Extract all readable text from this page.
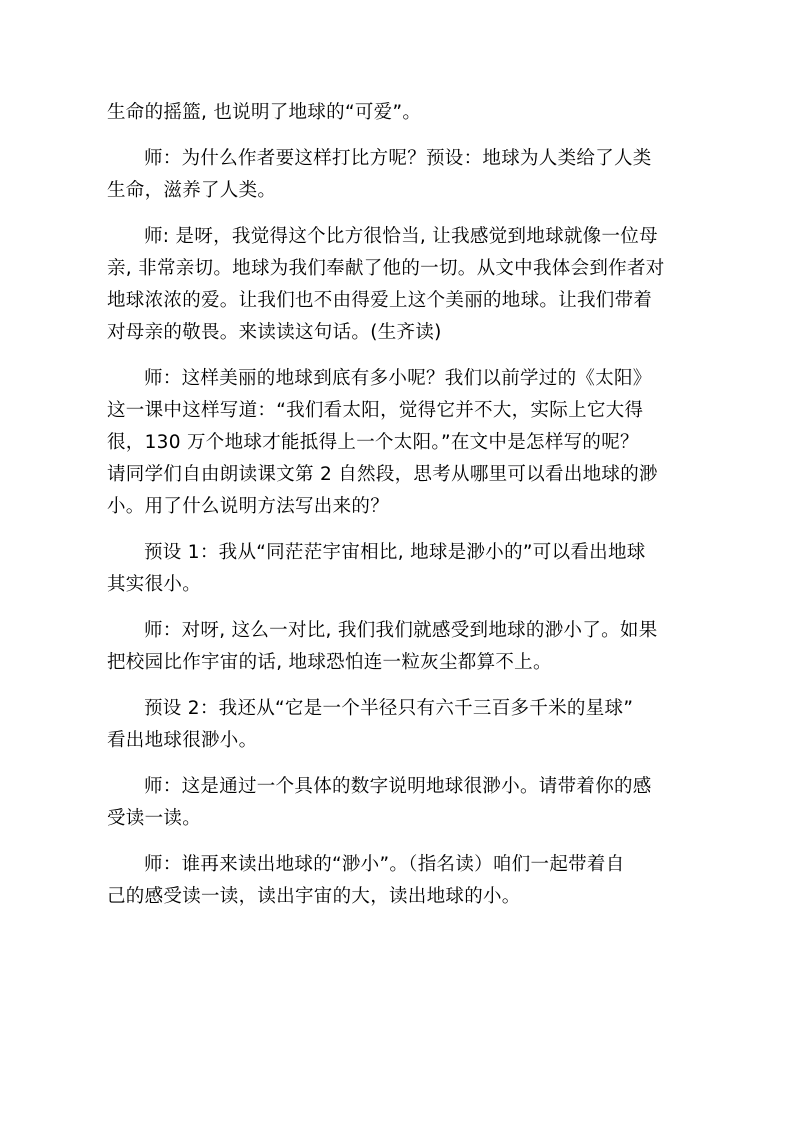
生命的摇篮, 也说明了地球的“可爱”。
师：为什么作者要这样打比方呢？预设：地球为人类给了人类
生命，滋养了人类。
师: 是呀，我觉得这个比方很恰当, 让我感觉到地球就像一位母
亲, 非常亲切。地球为我们奉献了他的一切。从文中我体会到作者对
地球浓浓的爱。让我们也不由得爱上这个美丽的地球。让我们带着
对母亲的敬畏。来读读这句话。(生齐读)
师：这样美丽的地球到底有多小呢？我们以前学过的《太阳》
这一课中这样写道：“我们看太阳，觉得它并不大，实际上它大得
很，130 万个地球才能抵得上一个太阳。”在文中是怎样写的呢？
请同学们自由朗读课文第 2 自然段，思考从哪里可以看出地球的渺
小。用了什么说明方法写出来的？
预设 1：我从“同茫茫宇宙相比, 地球是渺小的”可以看出地球
其实很小。
师：对呀, 这么一对比, 我们我们就感受到地球的渺小了。如果
把校园比作宇宙的话, 地球恐怕连一粒灰尘都算不上。
预设 2：我还从“它是一个半径只有六千三百多千米的星球”
看出地球很渺小。
师：这是通过一个具体的数字说明地球很渺小。请带着你的感
受读一读。
师：谁再来读出地球的“渺小”。（指名读）咱们一起带着自
己的感受读一读，读出宇宙的大，读出地球的小。
